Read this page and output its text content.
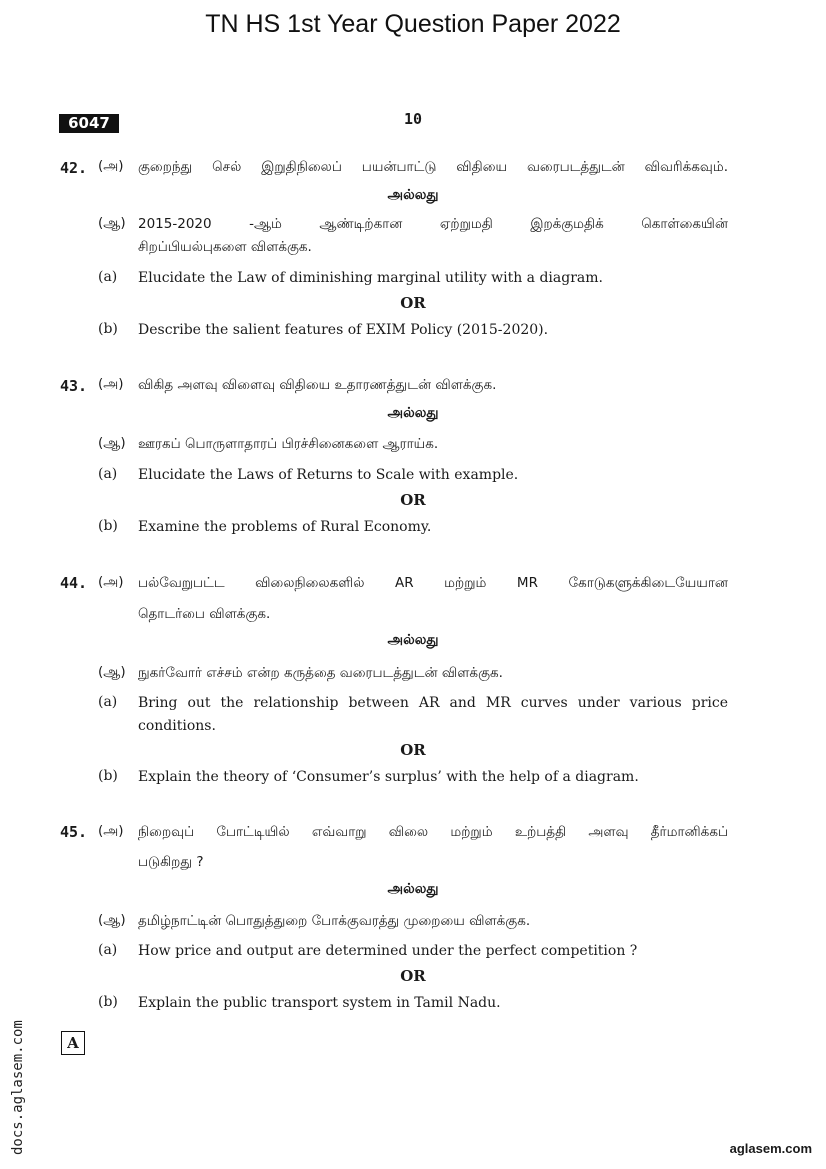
TN HS 1st Year Question Paper 2022
6047	10
42. (அ) குறைந்து செல் இறுதிநிலைப் பயன்பாட்டு விதியை வரைபடத்துடன் விவரிக்கவும்.
அல்லது
(ஆ) 2015-2020 -ஆம் ஆண்டிற்கான ஏற்றுமதி இறக்குமதிக் கொள்கையின்
சிறப்பியல்புகளை விளக்குக.
(a) Elucidate the Law of diminishing marginal utility with a diagram.
OR
(b) Describe the salient features of EXIM Policy (2015-2020).
43. (அ) விகித அளவு விளைவு விதியை உதாரணத்துடன் விளக்குக.
அல்லது
(ஆ) ஊரகப் பொருளாதாரப் பிரச்சினைகளை ஆராய்க.
(a) Elucidate the Laws of Returns to Scale with example.
OR
(b) Examine the problems of Rural Economy.
44. (அ) பல்வேறுபட்ட விலைநிலைகளில் AR மற்றும் MR கோடுகளுக்கிடையேயான
தொடர்பை விளக்குக.
அல்லது
(ஆ) நுகர்வோர் எச்சம் என்ற கருத்தை வரைபடத்துடன் விளக்குக.
(a) Bring out the relationship between AR and MR curves under various price
conditions.
OR
(b) Explain the theory of ‘Consumer’s surplus’ with the help of a diagram.
45. (அ) நிறைவுப் போட்டியில் எவ்வாறு விலை மற்றும் உற்பத்தி அளவு தீர்மானிக்கப்
படுகிறது ?
அல்லது
(ஆ) தமிழ்நாட்டின் பொதுத்துறை போக்குவரத்து முறையை விளக்குக.
(a) How price and output are determined under the perfect competition ?
OR
(b) Explain the public transport system in Tamil Nadu.
A
docs.aglasem.com	aglasem.com
